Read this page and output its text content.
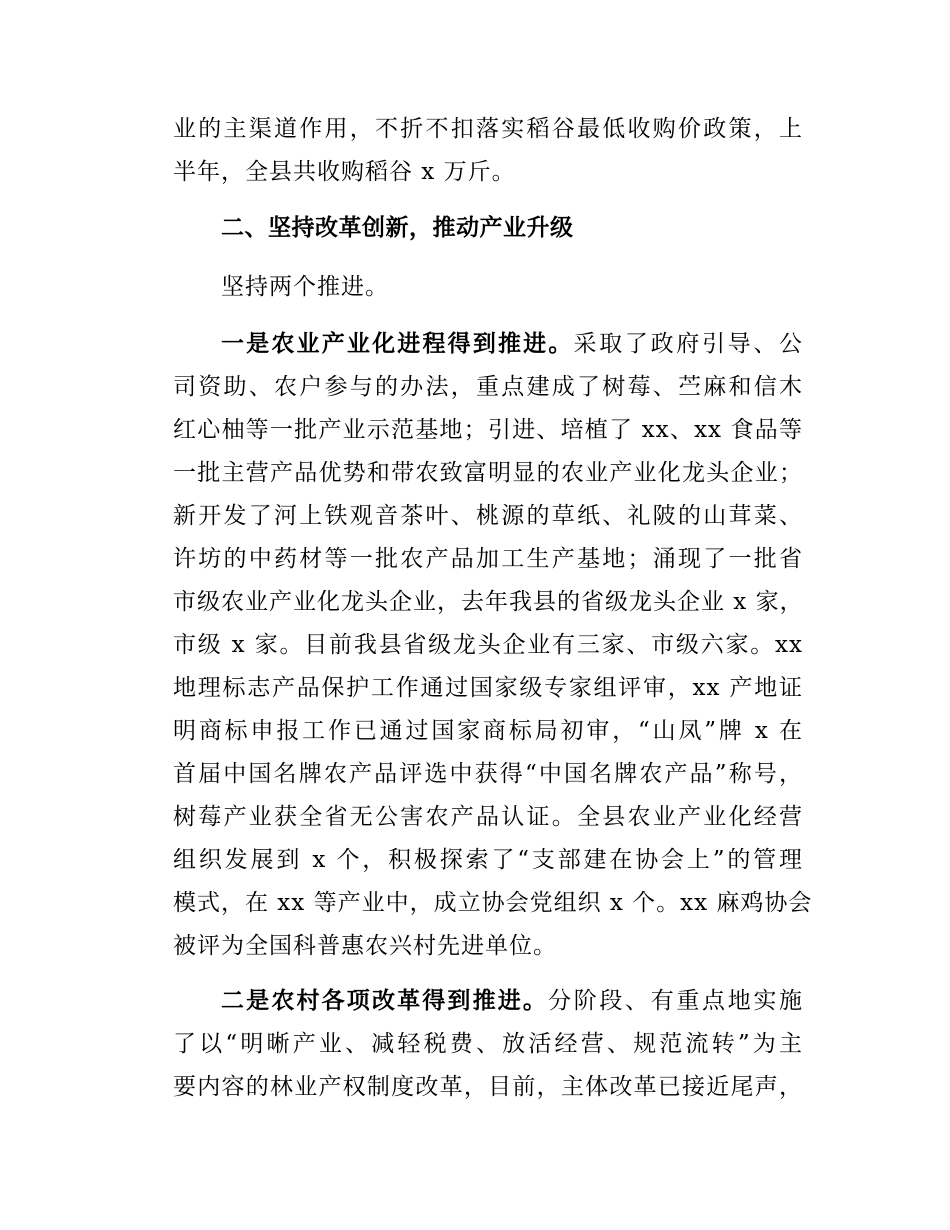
业的主渠道作用，不折不扣落实稻谷最低收购价政策，上
半年，全县共收购稻谷 x 万斤。
二、坚持改革创新，推动产业升级
坚持两个推进。
一是农业产业化进程得到推进。采取了政府引导、公
司资助、农户参与的办法，重点建成了树莓、苎麻和信木
红心柚等一批产业示范基地；引进、培植了 xx、xx 食品等
一批主营产品优势和带农致富明显的农业产业化龙头企业；
新开发了河上铁观音茶叶、桃源的草纸、礼陂的山茸菜、
许坊的中药材等一批农产品加工生产基地；涌现了一批省
市级农业产业化龙头企业，去年我县的省级龙头企业 x 家，
市级 x 家。目前我县省级龙头企业有三家、市级六家。xx
地理标志产品保护工作通过国家级专家组评审，xx 产地证
明商标申报工作已通过国家商标局初审，“山凤”牌 x 在
首届中国名牌农产品评选中获得“中国名牌农产品”称号，
树莓产业获全省无公害农产品认证。全县农业产业化经营
组织发展到 x 个，积极探索了“支部建在协会上”的管理
模式，在 xx 等产业中，成立协会党组织 x 个。xx 麻鸡协会
被评为全国科普惠农兴村先进单位。
二是农村各项改革得到推进。分阶段、有重点地实施
了以“明晰产业、减轻税费、放活经营、规范流转”为主
要内容的林业产权制度改革，目前，主体改革已接近尾声，
